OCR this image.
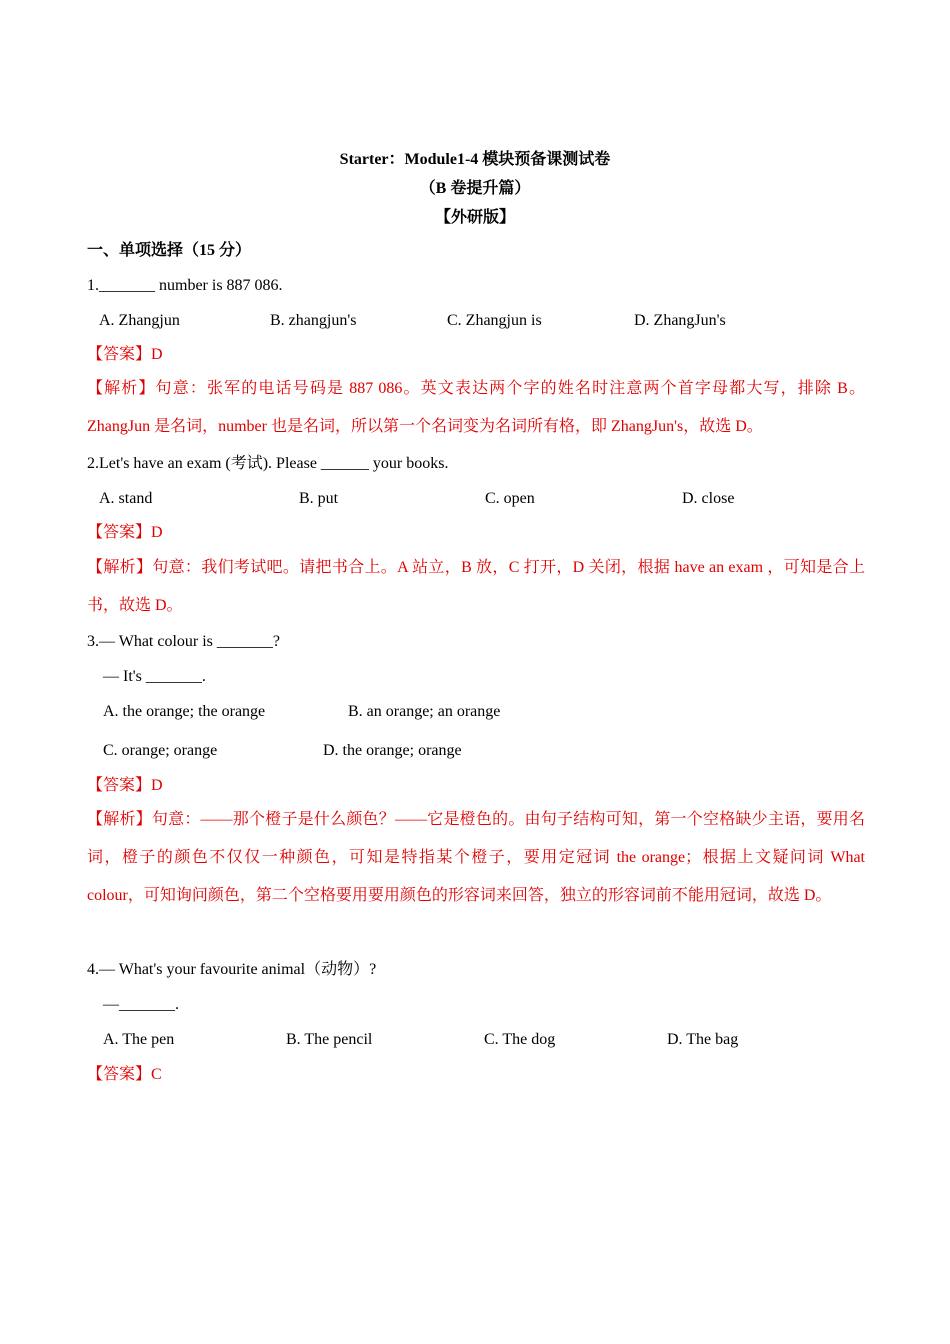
Starter：Module1-4 模块预备课测试卷
（B 卷提升篇）
【外研版】
一、单项选择（15 分）
1._______ number is 887 086.
A. Zhangjun	B. zhangjun's	C. Zhangjun is	D. ZhangJun's
【答案】D
【解析】句意：张军的电话号码是 887 086。英文表达两个字的姓名时注意两个首字母都大写，排除 B。ZhangJun 是名词，number 也是名词，所以第一个名词变为名词所有格，即 ZhangJun's，故选 D。
2.Let's have an exam (考试). Please ______ your books.
A. stand	B. put	C. open	D. close
【答案】D
【解析】句意：我们考试吧。请把书合上。A 站立，B 放，C 打开，D 关闭，根据 have an exam ，可知是合上书，故选 D。
3.— What colour is _______?
— It's _______.
A. the orange; the orange	B. an orange; an orange
C. orange; orange	D. the orange; orange
【答案】D
【解析】句意：——那个橙子是什么颜色？——它是橙色的。由句子结构可知，第一个空格缺少主语，要用名词，橙子的颜色不仅仅一种颜色，可知是特指某个橙子，要用定冠词 the orange；根据上文疑问词 What colour，可知询问颜色，第二个空格要用要用颜色的形容词来回答，独立的形容词前不能用冠词，故选 D。
4.— What's your favourite animal（动物）?
—_______.
A. The pen	B. The pencil	C. The dog	D. The bag
【答案】C
